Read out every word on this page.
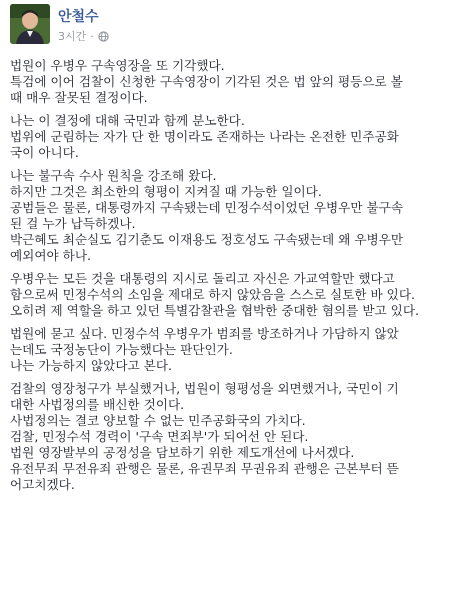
안철수
3시간 ·
법원이 우병우 구속영장을 또 기각했다.
특검에 이어 검찰이 신청한 구속영장이 기각된 것은 법 앞의 평등으로 볼
때 매우 잘못된 결정이다.
나는 이 결정에 대해 국민과 함께 분노한다.
법위에 군림하는 자가 단 한 명이라도 존재하는 나라는 온전한 민주공화
국이 아니다.
나는 불구속 수사 원칙을 강조해 왔다.
하지만 그것은 최소한의 형평이 지켜질 때 가능한 일이다.
공범들은 물론, 대통령까지 구속됐는데 민정수석이었던 우병우만 불구속
된 걸 누가 납득하겠나.
박근혜도 최순실도 김기춘도 이재용도 정호성도 구속됐는데 왜 우병우만
예외여야 하나.
우병우는 모든 것을 대통령의 지시로 돌리고 자신은 가교역할만 했다고
함으로써 민정수석의 소임을 제대로 하지 않았음을 스스로 실토한 바 있다.
오히려 제 역할을 하고 있던 특별감찰관을 협박한 중대한 혐의를 받고 있다.
법원에 묻고 싶다. 민정수석 우병우가 범죄를 방조하거나 가담하지 않았
는데도 국정농단이 가능했다는 판단인가.
나는 가능하지 않았다고 본다.
검찰의 영장청구가 부실했거나, 법원이 형평성을 외면했거나, 국민이 기
대한 사법정의를 배신한 것이다.
사법정의는 결코 양보할 수 없는 민주공화국의 가치다.
검찰, 민정수석 경력이 '구속 면죄부'가 되어선 안 된다.
법원 영장발부의 공정성을 담보하기 위한 제도개선에 나서겠다.
유전무죄 무전유죄 관행은 물론, 유권무죄 무권유죄 관행은 근본부터 뜯
어고치겠다.
